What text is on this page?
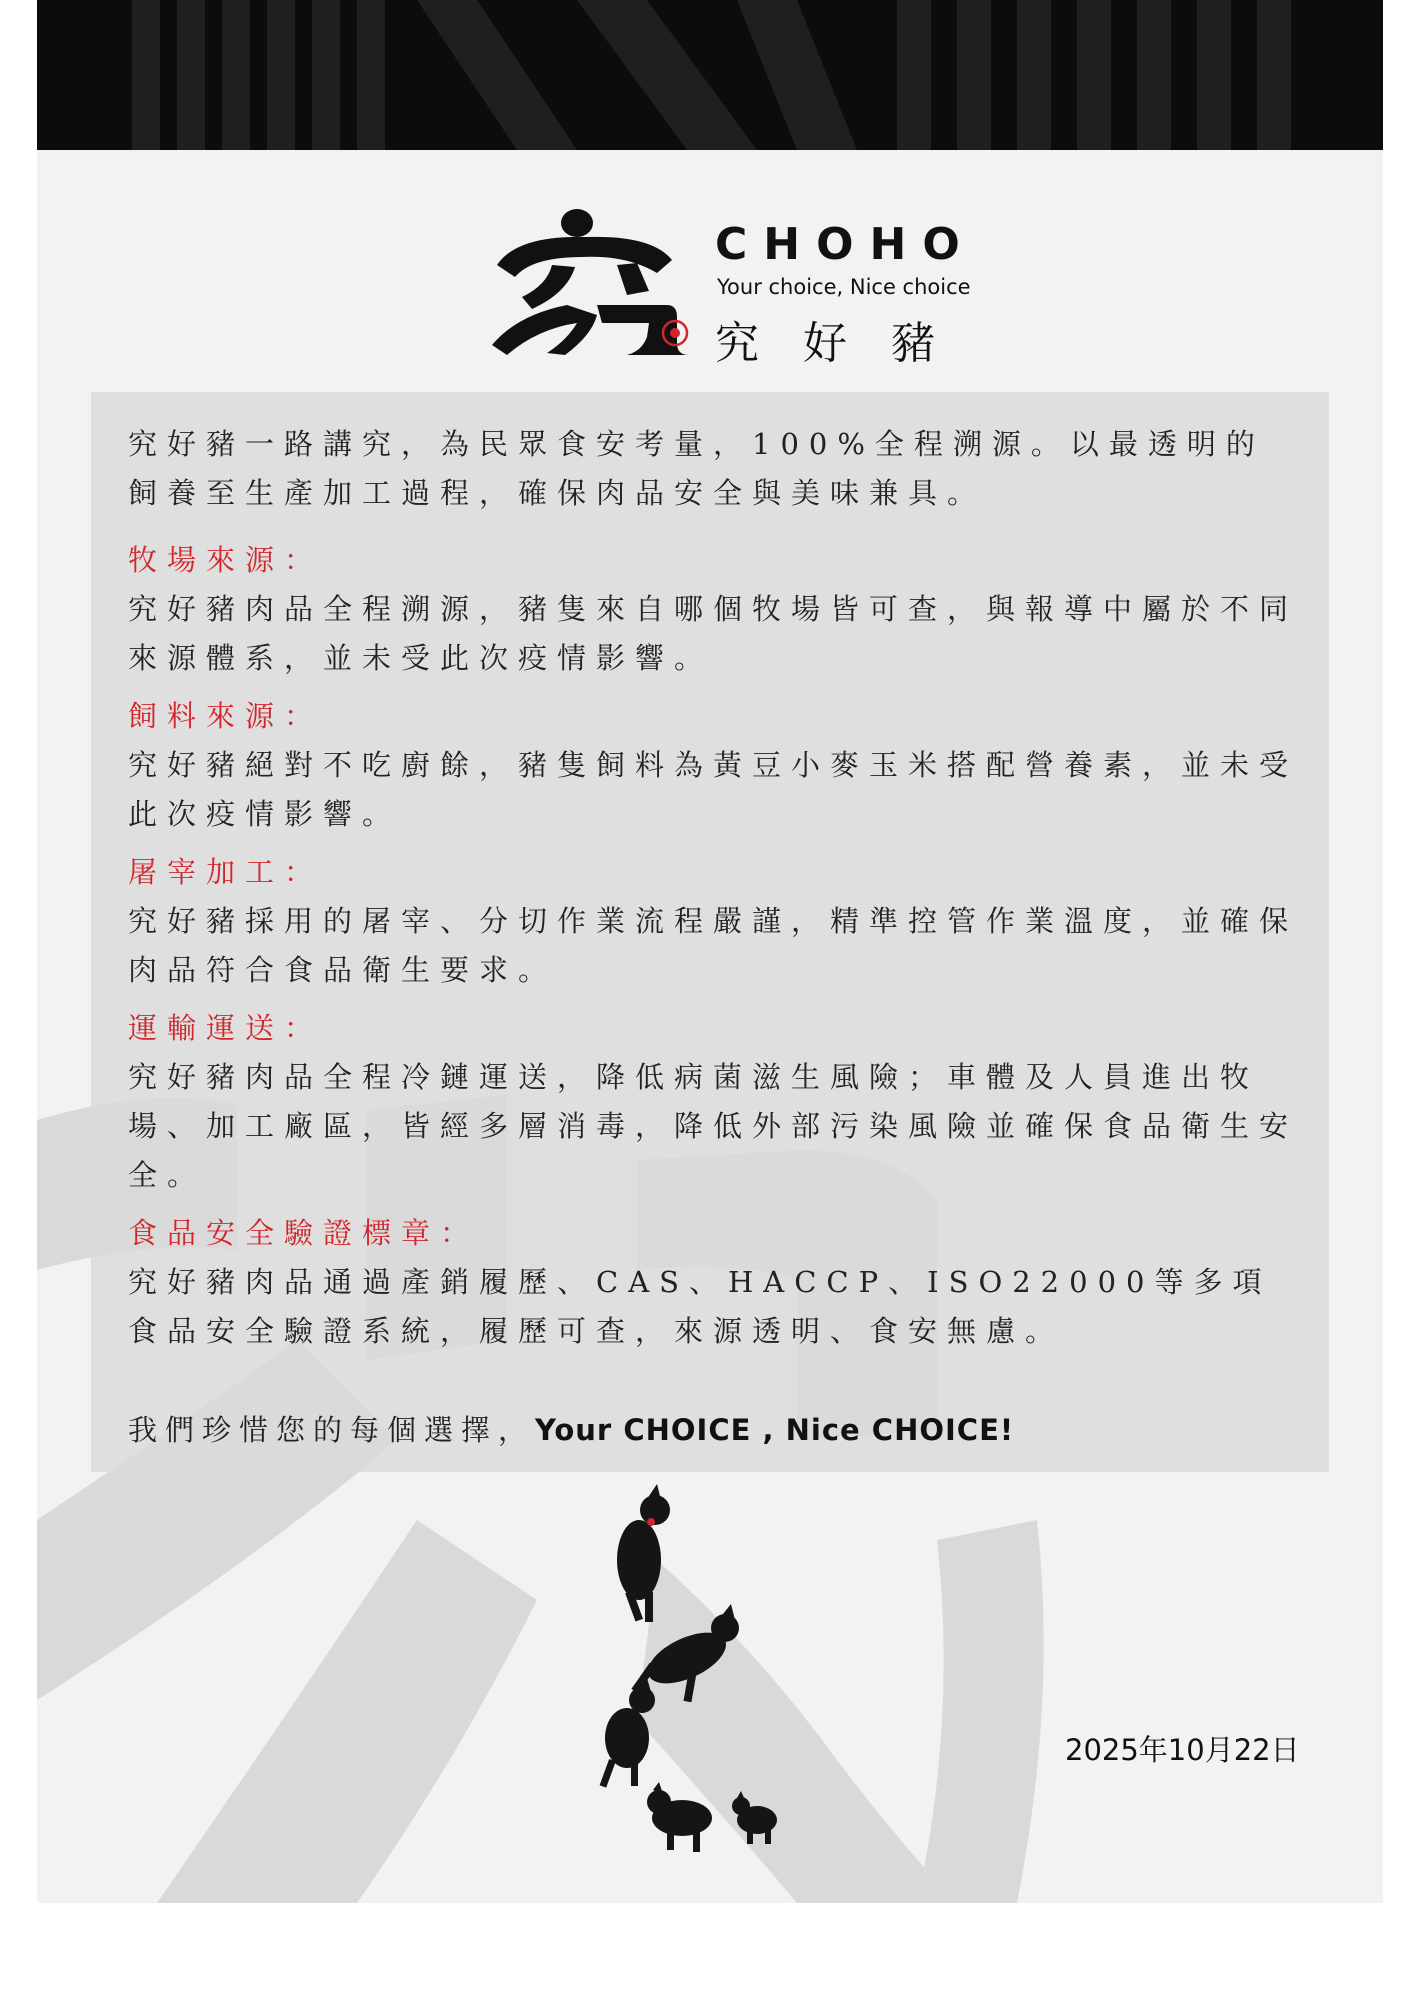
CHOHO
Your choice, Nice choice
究好豬

究好豬一路講究，為民眾食安考量，100%全程溯源。以最透明的飼養至生產加工過程，確保肉品安全與美味兼具。

牧場來源：

究好豬肉品全程溯源，豬隻來自哪個牧場皆可查，與報導中屬於不同來源體系，並未受此次疫情影響。

飼料來源：

究好豬絕對不吃廚餘，豬隻飼料為黃豆小麥玉米搭配營養素，並未受此次疫情影響。

屠宰加工：

究好豬採用的屠宰、分切作業流程嚴謹，精準控管作業溫度，並確保肉品符合食品衛生要求。

運輸運送：

究好豬肉品全程冷鏈運送，降低病菌滋生風險；車體及人員進出牧場、加工廠區，皆經多層消毒，降低外部污染風險並確保食品衛生安全。

食品安全驗證標章：

究好豬肉品通過產銷履歷、CAS、HACCP、ISO22000等多項食品安全驗證系統，履歷可查，來源透明、食安無慮。

我們珍惜您的每個選擇，Your CHOICE , Nice CHOICE!

2025年10月22日
